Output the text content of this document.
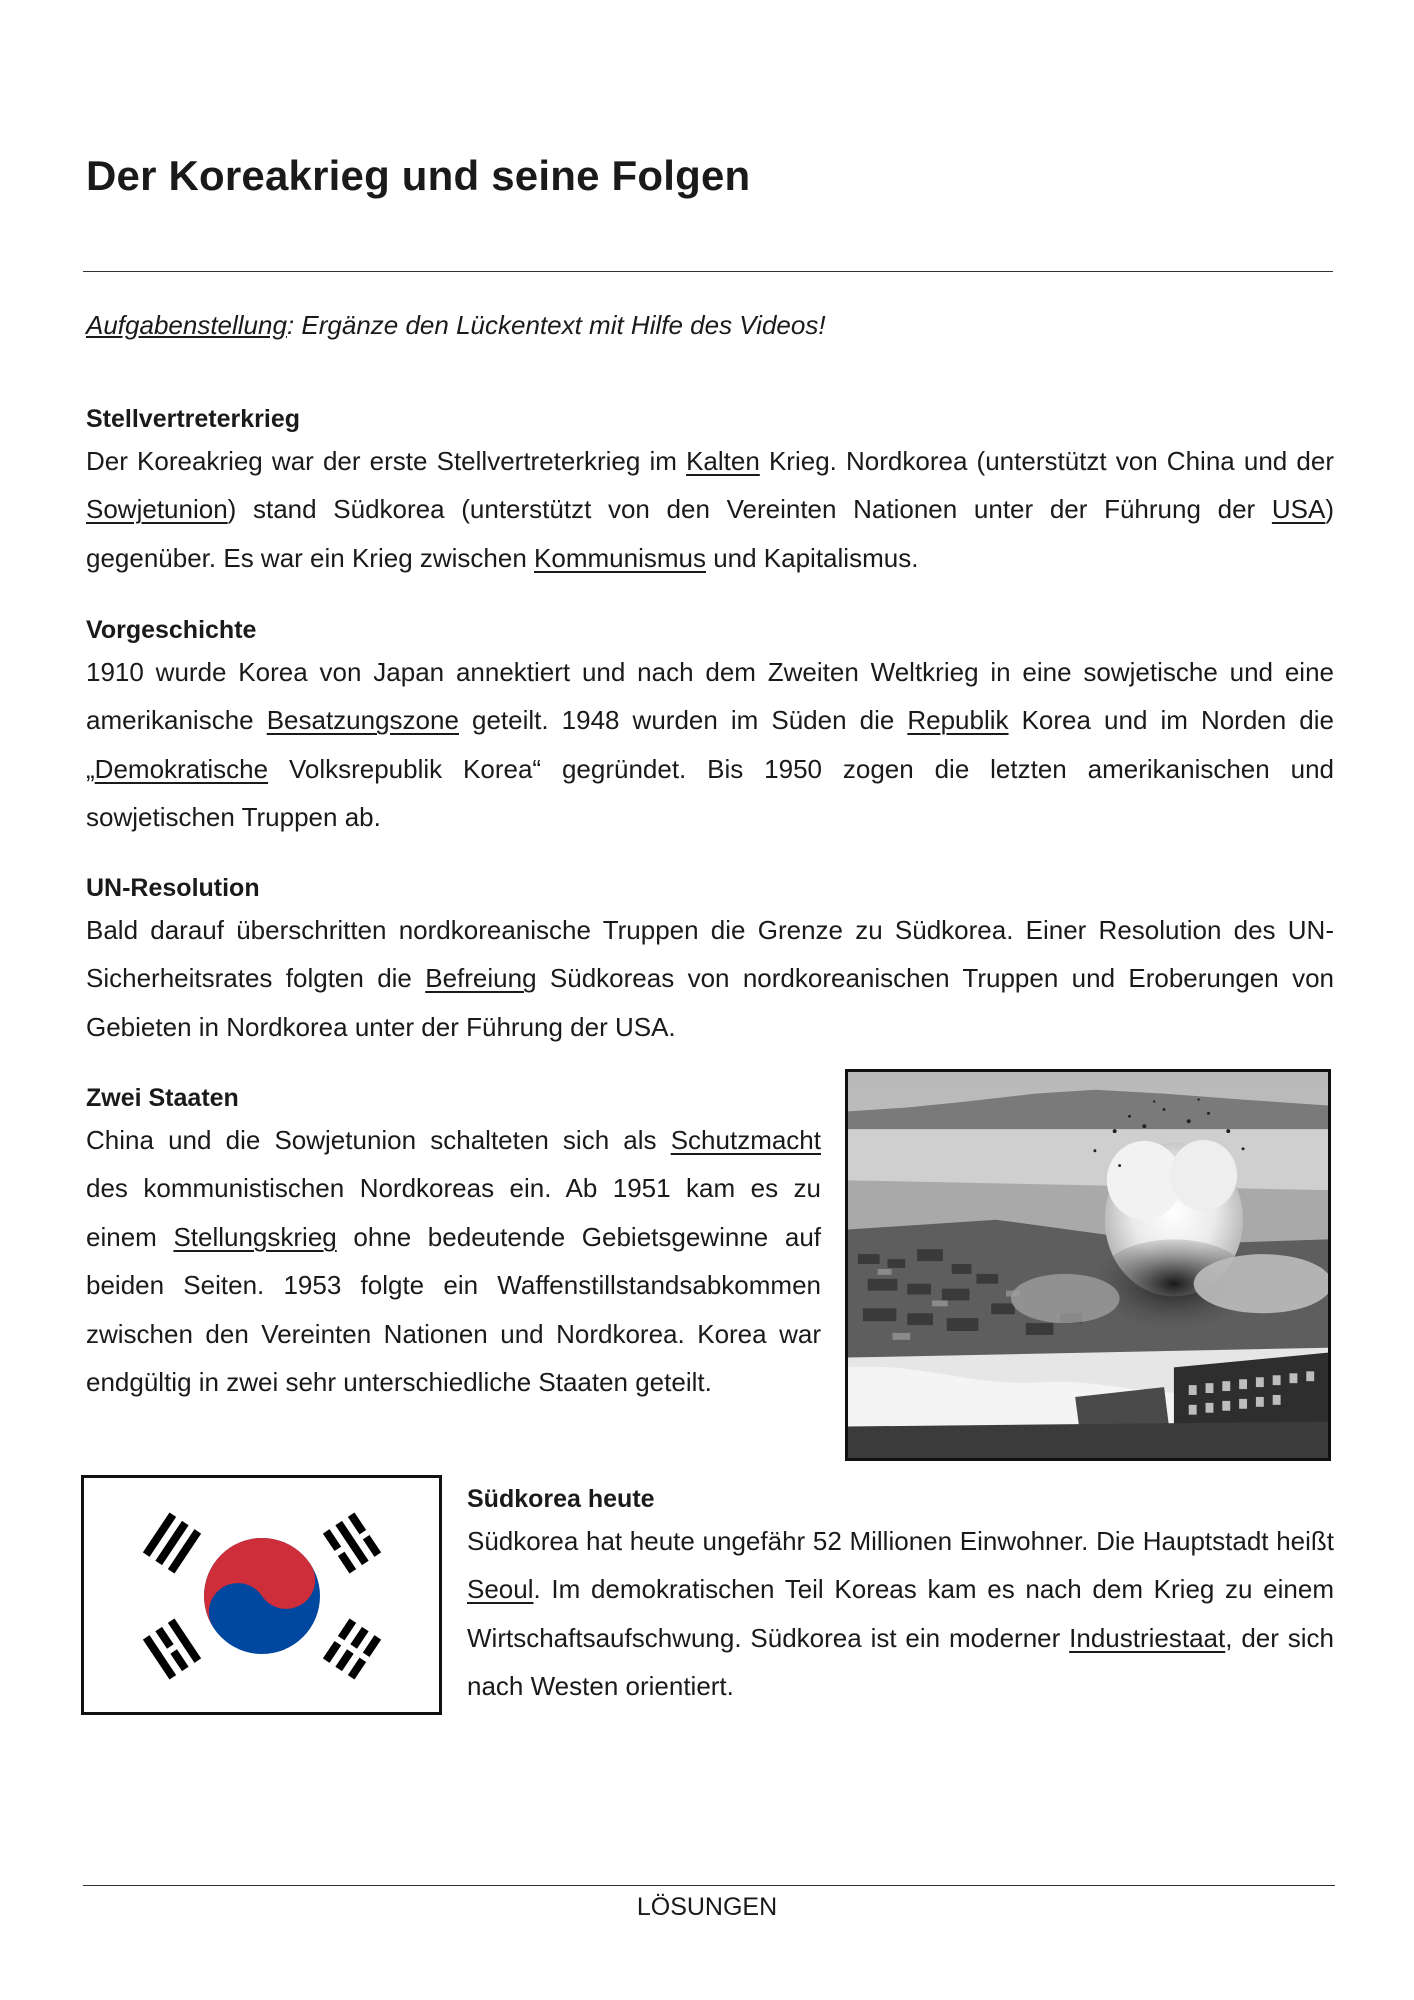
Der Koreakrieg und seine Folgen

Aufgabenstellung: Ergänze den Lückentext mit Hilfe des Videos!

Stellvertreterkrieg

Der Koreakrieg war der erste Stellvertreterkrieg im Kalten Krieg. Nordkorea (unterstützt von China und der Sowjetunion) stand Südkorea (unterstützt von den Vereinten Nationen unter der Führung der USA) gegenüber. Es war ein Krieg zwischen Kommunismus und Kapitalismus.

Vorgeschichte

1910 wurde Korea von Japan annektiert und nach dem Zweiten Weltkrieg in eine sowjetische und eine amerikanische Besatzungszone geteilt. 1948 wurden im Süden die Republik Korea und im Norden die „Demokratische Volksrepublik Korea“ gegründet. Bis 1950 zogen die letzten amerikanischen und sowjetischen Truppen ab.

UN-Resolution

Bald darauf überschritten nordkoreanische Truppen die Grenze zu Südkorea. Einer Resolution des UN-Sicherheitsrates folgten die Befreiung Südkoreas von nordkoreanischen Truppen und Eroberungen von Gebieten in Nordkorea unter der Führung der USA.

Zwei Staaten

China und die Sowjetunion schalteten sich als Schutzmacht des kommunistischen Nordkoreas ein. Ab 1951 kam es zu einem Stellungskrieg ohne bedeutende Gebietsgewinne auf beiden Seiten. 1953 folgte ein Waffenstillstandsabkommen zwischen den Vereinten Nationen und Nordkorea. Korea war endgültig in zwei sehr unterschiedliche Staaten geteilt.

Südkorea heute

Südkorea hat heute ungefähr 52 Millionen Einwohner. Die Hauptstadt heißt Seoul. Im demokratischen Teil Koreas kam es nach dem Krieg zu einem Wirtschaftsaufschwung. Südkorea ist ein moderner Industriestaat, der sich nach Westen orientiert.

LÖSUNGEN
